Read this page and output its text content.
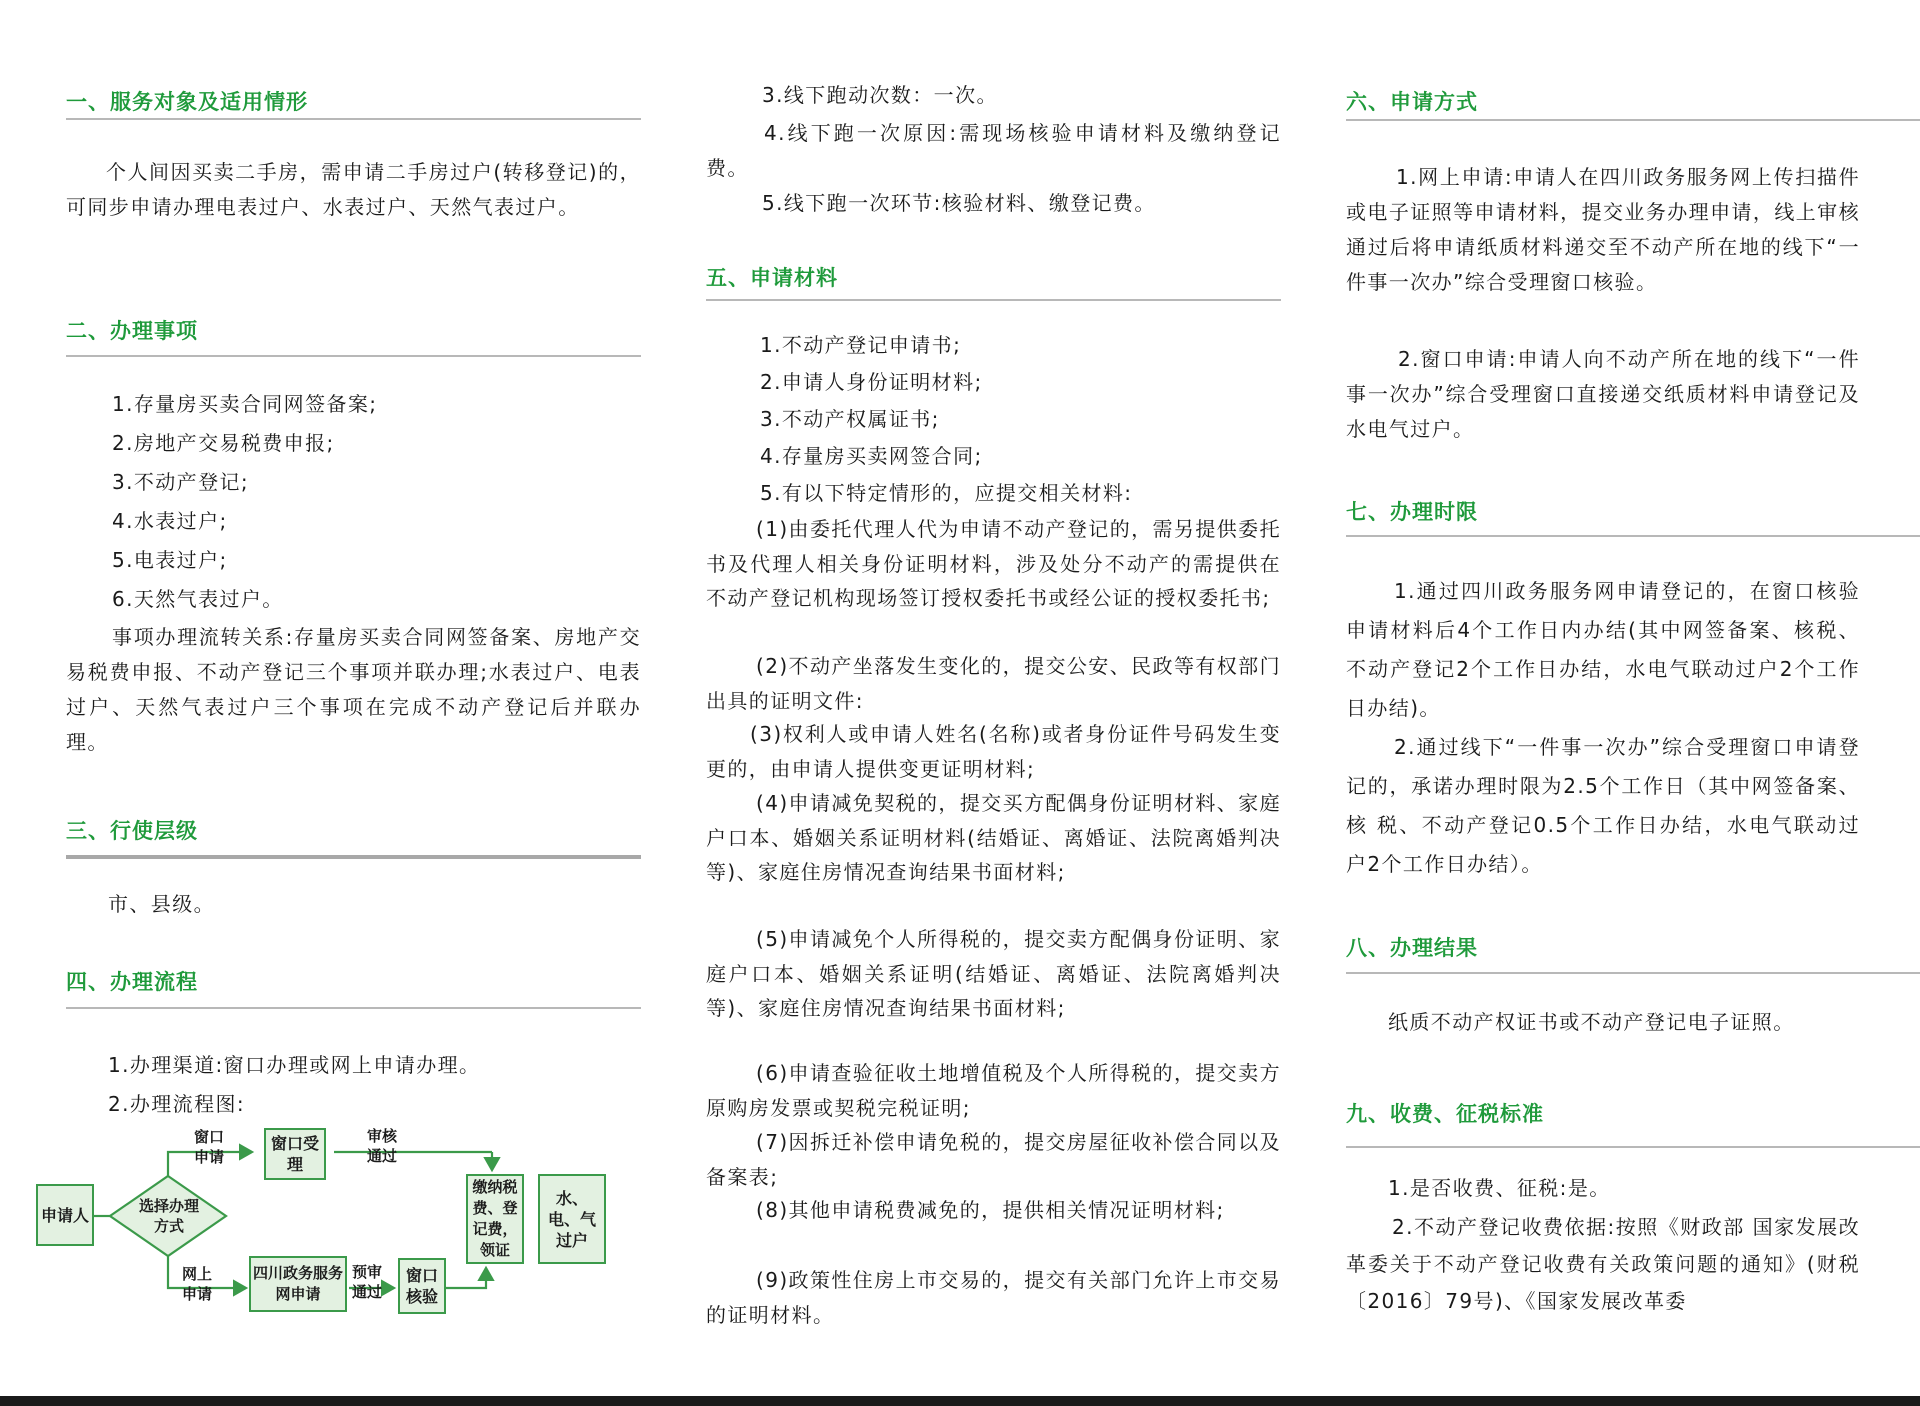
一、服务对象及适用情形

个人间因买卖二手房，需申请二手房过户(转移登记)的，可同步申请办理电表过户、水表过户、天然气表过户。

二、办理事项

1.存量房买卖合同网签备案;

2.房地产交易税费申报;

3.不动产登记;

4.水表过户;

5.电表过户;

6.天然气表过户。

事项办理流转关系:存量房买卖合同网签备案、房地产交易税费申报、不动产登记三个事项并联办理;水表过户、电表过户、天然气表过户三个事项在完成不动产登记后并联办理。

三、行使层级

市、县级。

四、办理流程

1.办理渠道:窗口办理或网上申请办理。

2.办理流程图:

申请人	选择办理方式
窗口申请
窗口受理
审核通过
网上申请
四川政务服务网申请
预审通过
窗口核验
缴纳税费、登记费，领证
水、电、气过户

3.线下跑动次数：一次。

4.线下跑一次原因:需现场核验申请材料及缴纳登记费。

5.线下跑一次环节:核验材料、缴登记费。

五、申请材料

1.不动产登记申请书;

2.申请人身份证明材料;

3.不动产权属证书;

4.存量房买卖网签合同;

5.有以下特定情形的，应提交相关材料:

(1)由委托代理人代为申请不动产登记的，需另提供委托书及代理人相关身份证明材料，涉及处分不动产的需提供在不动产登记机构现场签订授权委托书或经公证的授权委托书;

(2)不动产坐落发生变化的，提交公安、民政等有权部门出具的证明文件:

(3)权利人或申请人姓名(名称)或者身份证件号码发生变更的，由申请人提供变更证明材料;

(4)申请减免契税的，提交买方配偶身份证明材料、家庭户口本、婚姻关系证明材料(结婚证、离婚证、法院离婚判决等)、家庭住房情况查询结果书面材料;

(5)申请减免个人所得税的，提交卖方配偶身份证明、家庭户口本、婚姻关系证明(结婚证、离婚证、法院离婚判决等)、家庭住房情况查询结果书面材料;

(6)申请查验征收土地增值税及个人所得税的，提交卖方原购房发票或契税完税证明;

(7)因拆迁补偿申请免税的，提交房屋征收补偿合同以及备案表;

(8)其他申请税费减免的，提供相关情况证明材料;

(9)政策性住房上市交易的，提交有关部门允许上市交易的证明材料。

六、申请方式

1.网上申请:申请人在四川政务服务网上传扫描件或电子证照等申请材料，提交业务办理申请，线上审核通过后将申请纸质材料递交至不动产所在地的线下“一件事一次办”综合受理窗口核验。

2.窗口申请:申请人向不动产所在地的线下“一件事一次办”综合受理窗口直接递交纸质材料申请登记及水电气过户。

七、办理时限

1.通过四川政务服务网申请登记的，在窗口核验申请材料后4个工作日内办结(其中网签备案、核税、不动产登记2个工作日办结，水电气联动过户2个工作日办结)。

2.通过线下“一件事一次办”综合受理窗口申请登记的，承诺办理时限为2.5个工作日（其中网签备案、核 税、不动产登记0.5个工作日办结，水电气联动过户2个工作日办结）。

八、办理结果

纸质不动产权证书或不动产登记电子证照。

九、收费、征税标准

1.是否收费、征税:是。

2.不动产登记收费依据:按照《财政部 国家发展改革委关于不动产登记收费有关政策问题的通知》(财税〔2016〕79号)、《国家发展改革委
